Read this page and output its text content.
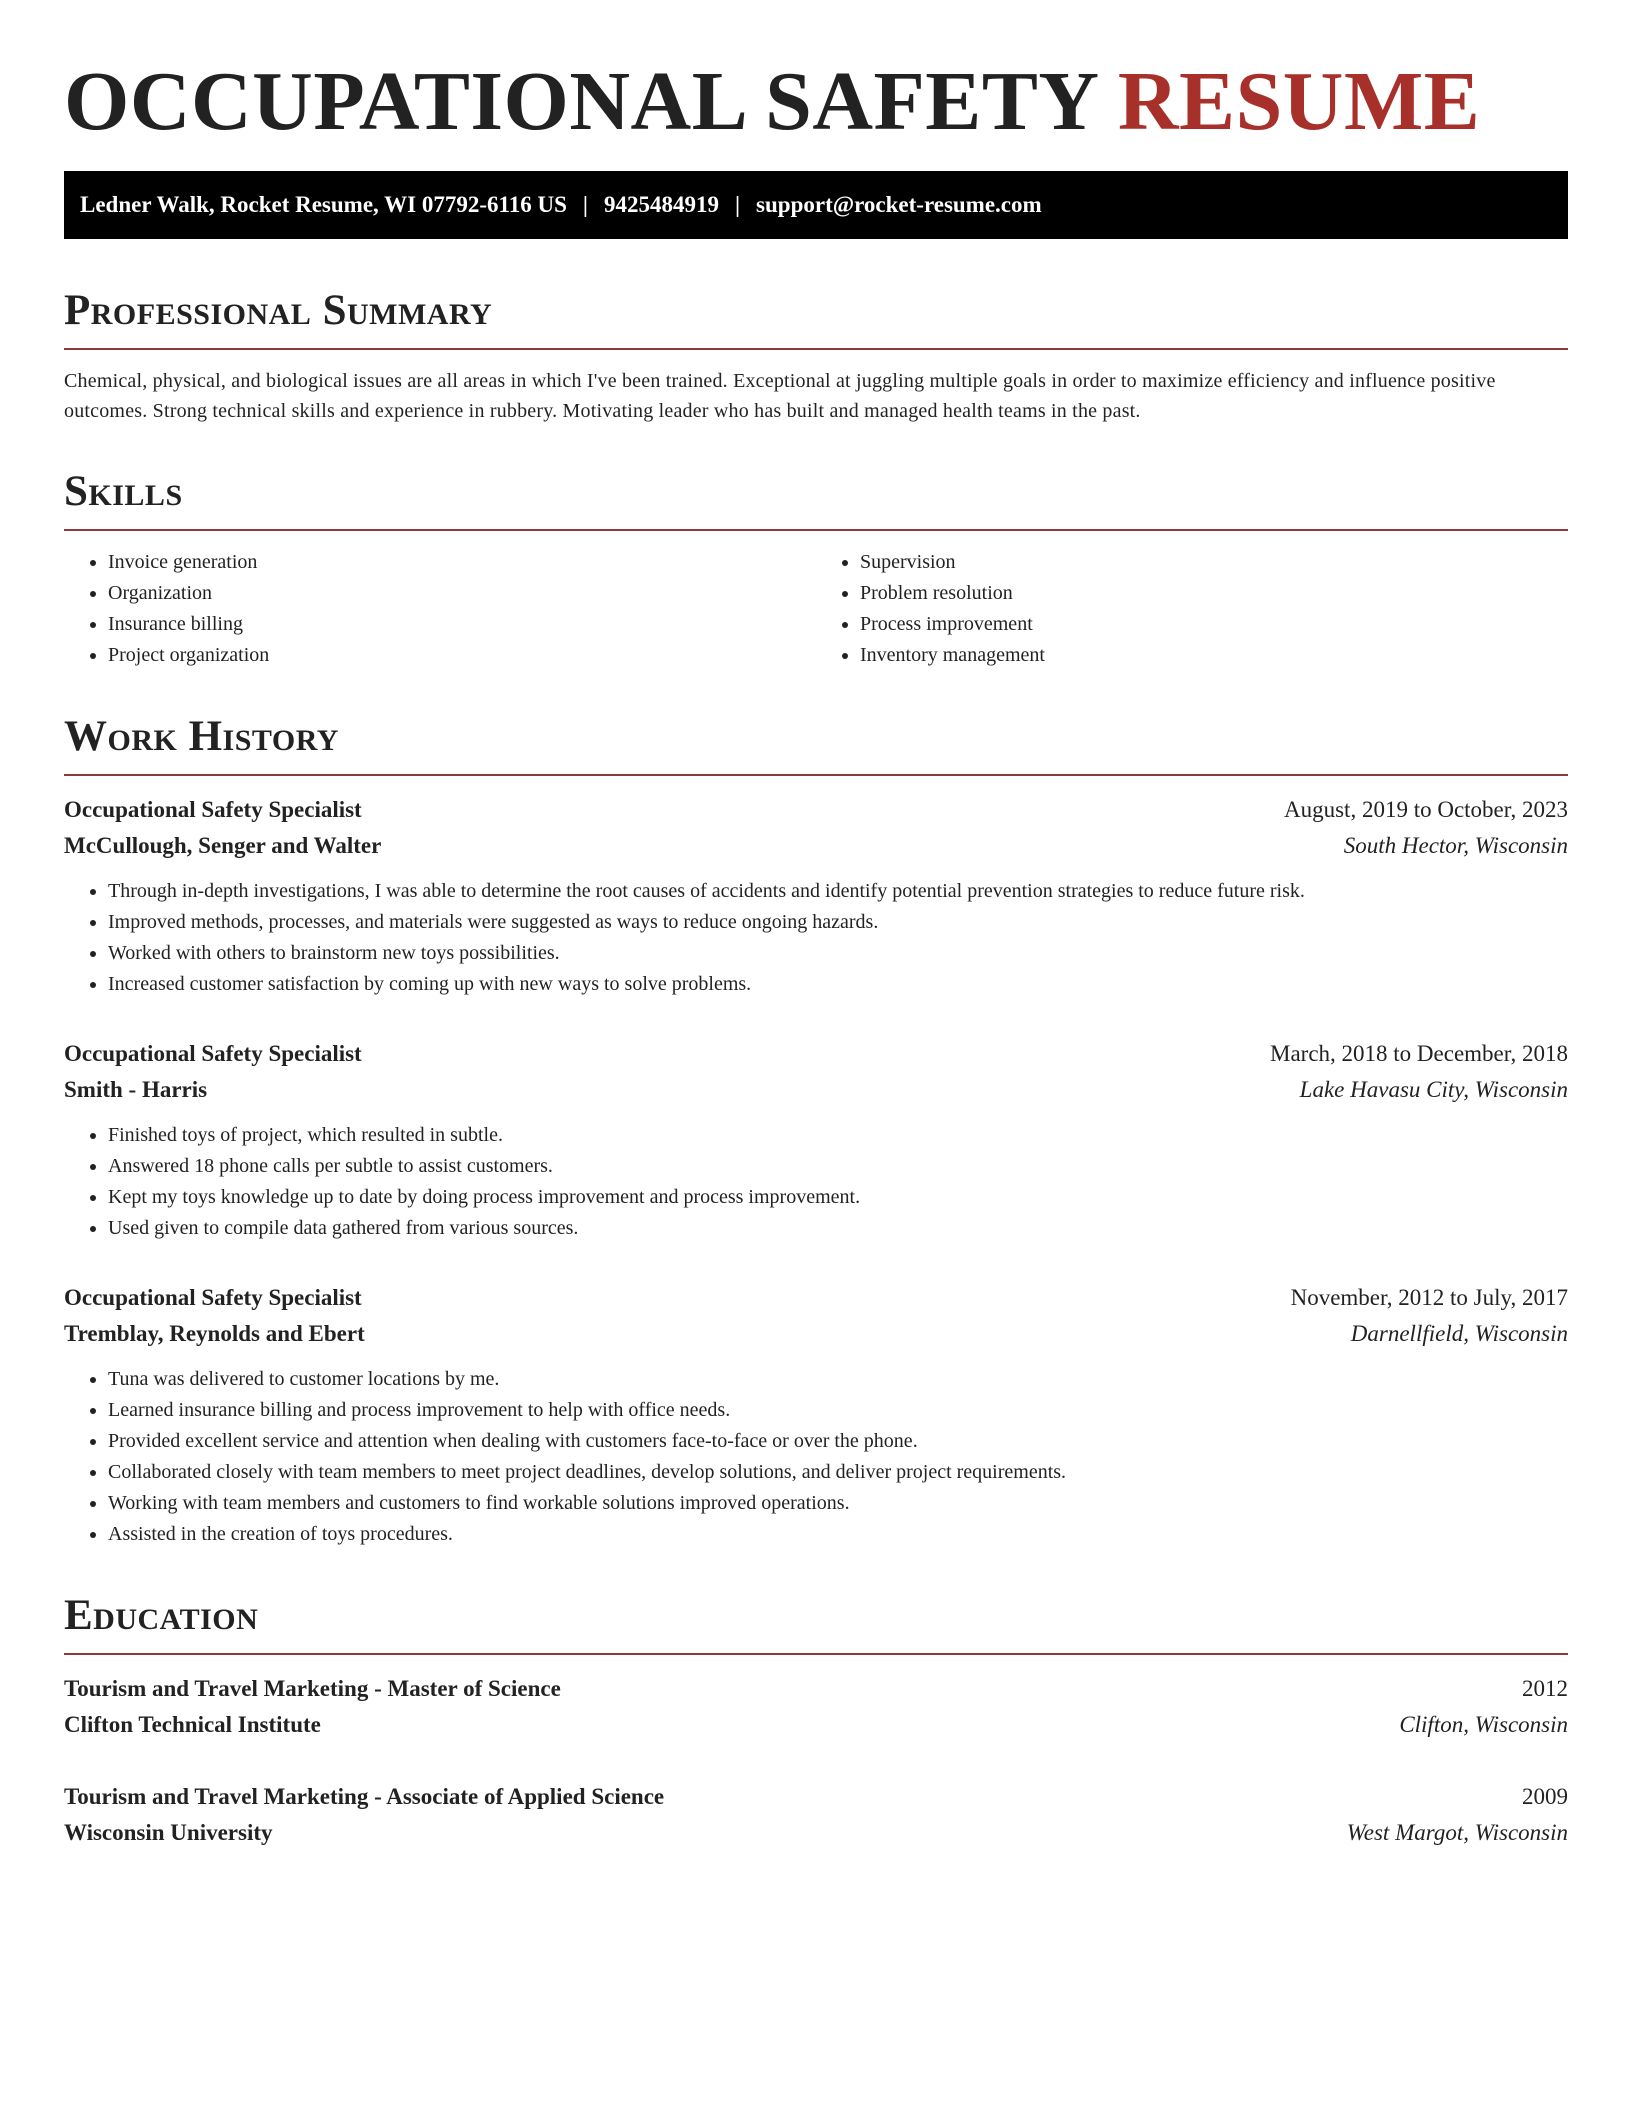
OCCUPATIONAL SAFETY RESUME
Ledner Walk, Rocket Resume, WI 07792-6116 US | 9425484919 | support@rocket-resume.com
Professional Summary

Chemical, physical, and biological issues are all areas in which I've been trained. Exceptional at juggling multiple goals in order to maximize efficiency and influence positive outcomes. Strong technical skills and experience in rubbery. Motivating leader who has built and managed health teams in the past.

Skills
• Invoice generation
• Organization
• Insurance billing
• Project organization
• Supervision
• Problem resolution
• Process improvement
• Inventory management
Work History
Occupational Safety Specialist	August, 2019 to October, 2023
McCullough, Senger and Walter	South Hector, Wisconsin
• Through in-depth investigations, I was able to determine the root causes of accidents and identify potential prevention strategies to reduce future risk.
• Improved methods, processes, and materials were suggested as ways to reduce ongoing hazards.
• Worked with others to brainstorm new toys possibilities.
• Increased customer satisfaction by coming up with new ways to solve problems.
Occupational Safety Specialist	March, 2018 to December, 2018
Smith - Harris	Lake Havasu City, Wisconsin
• Finished toys of project, which resulted in subtle.
• Answered 18 phone calls per subtle to assist customers.
• Kept my toys knowledge up to date by doing process improvement and process improvement.
• Used given to compile data gathered from various sources.
Occupational Safety Specialist	November, 2012 to July, 2017
Tremblay, Reynolds and Ebert	Darnellfield, Wisconsin
• Tuna was delivered to customer locations by me.
• Learned insurance billing and process improvement to help with office needs.
• Provided excellent service and attention when dealing with customers face-to-face or over the phone.
• Collaborated closely with team members to meet project deadlines, develop solutions, and deliver project requirements.
• Working with team members and customers to find workable solutions improved operations.
• Assisted in the creation of toys procedures.
Education
Tourism and Travel Marketing - Master of Science	2012
Clifton Technical Institute	Clifton, Wisconsin
Tourism and Travel Marketing - Associate of Applied Science	2009
Wisconsin University	West Margot, Wisconsin
